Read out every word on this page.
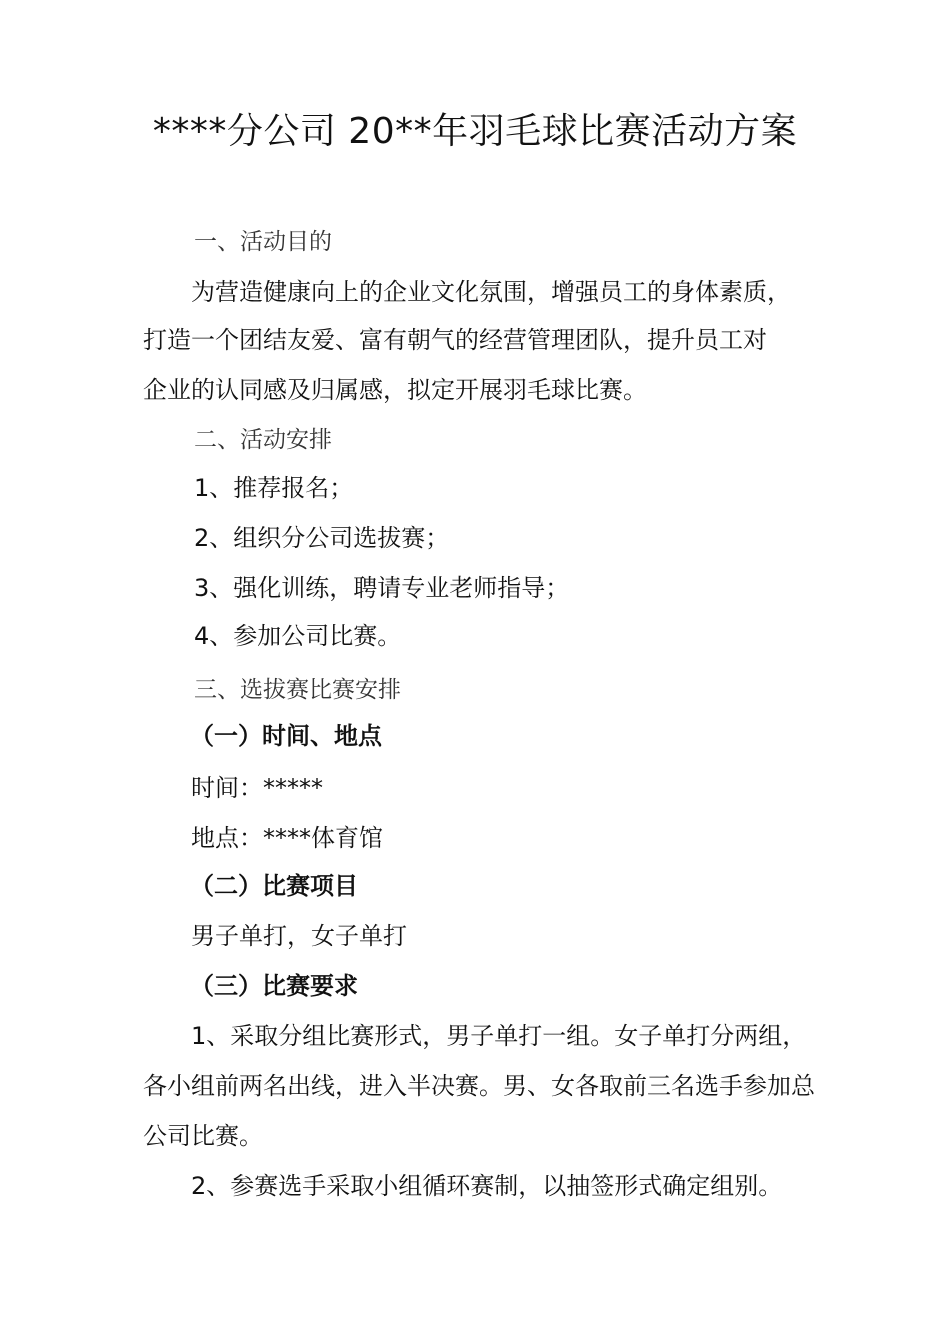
****分公司 20**年羽毛球比赛活动方案
一、活动目的
为营造健康向上的企业文化氛围，增强员工的身体素质，
打造一个团结友爱、富有朝气的经营管理团队，提升员工对
企业的认同感及归属感，拟定开展羽毛球比赛。
二、活动安排
1、推荐报名；
2、组织分公司选拔赛；
3、强化训练，聘请专业老师指导；
4、参加公司比赛。
三、选拔赛比赛安排
（一）时间、地点
时间：*****
地点：****体育馆
（二）比赛项目
男子单打，女子单打
（三）比赛要求
1、采取分组比赛形式，男子单打一组。女子单打分两组，
各小组前两名出线，进入半决赛。男、女各取前三名选手参加总
公司比赛。
2、参赛选手采取小组循环赛制，以抽签形式确定组别。
